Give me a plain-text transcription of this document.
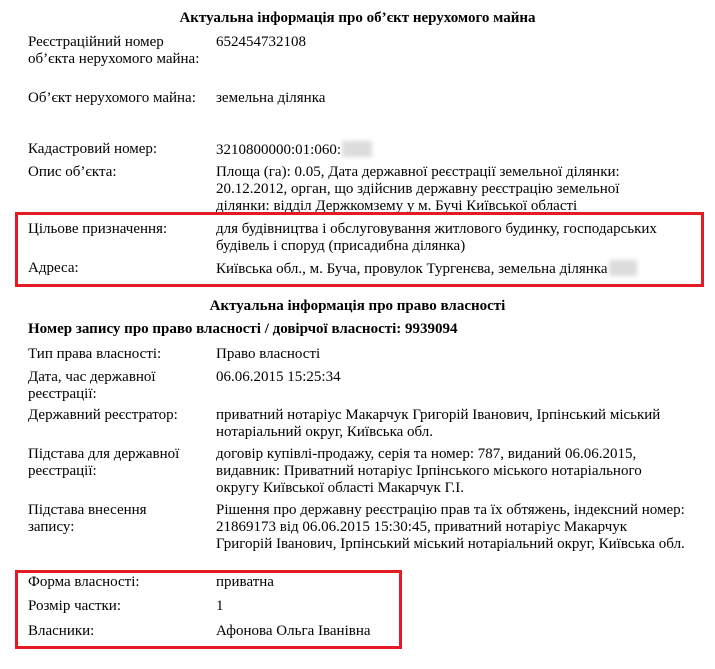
Актуальна інформація про об’єкт нерухомого майна
Реєстраційний номер об’єкта нерухомого майна:
652454732108
Об’єкт нерухомого майна:	земельна ділянка
Кадастровий номер:	3210800000:01:060:
Опис об’єкта:	Площа (га): 0.05, Дата державної реєстрації земельної ділянки: 20.12.2012, орган, що здійснив державну реєстрацію земельної ділянки: відділ Держкомзему у м. Бучі Київської області
Цільове призначення:	для будівництва і обслуговування житлового будинку, господарських будівель і споруд (присадибна ділянка)
Адреса:	Київська обл., м. Буча, провулок Тургенєва, земельна ділянка
Актуальна інформація про право власності
Номер запису про право власності / довірчої власності: 9939094
Тип права власності:	Право власності
Дата, час державної реєстрації:
06.06.2015 15:25:34
Державний реєстратор:	приватний нотаріус Макарчук Григорій Іванович, Ірпінський міський нотаріальний округ, Київська обл.
Підстава для державної реєстрації:
договір купівлі-продажу, серія та номер: 787, виданий 06.06.2015, видавник: Приватний нотаріус Ірпінського міського нотаріального округу Київської області Макарчук Г.І.
Підстава внесення запису:
Рішення про державну реєстрацію прав та їх обтяжень, індексний номер: 21869173 від 06.06.2015 15:30:45, приватний нотаріус Макарчук Григорій Іванович, Ірпінський міський нотаріальний округ, Київська обл.
Форма власності:	приватна
Розмір частки:	1
Власники:	Афонова Ольга Іванівна
